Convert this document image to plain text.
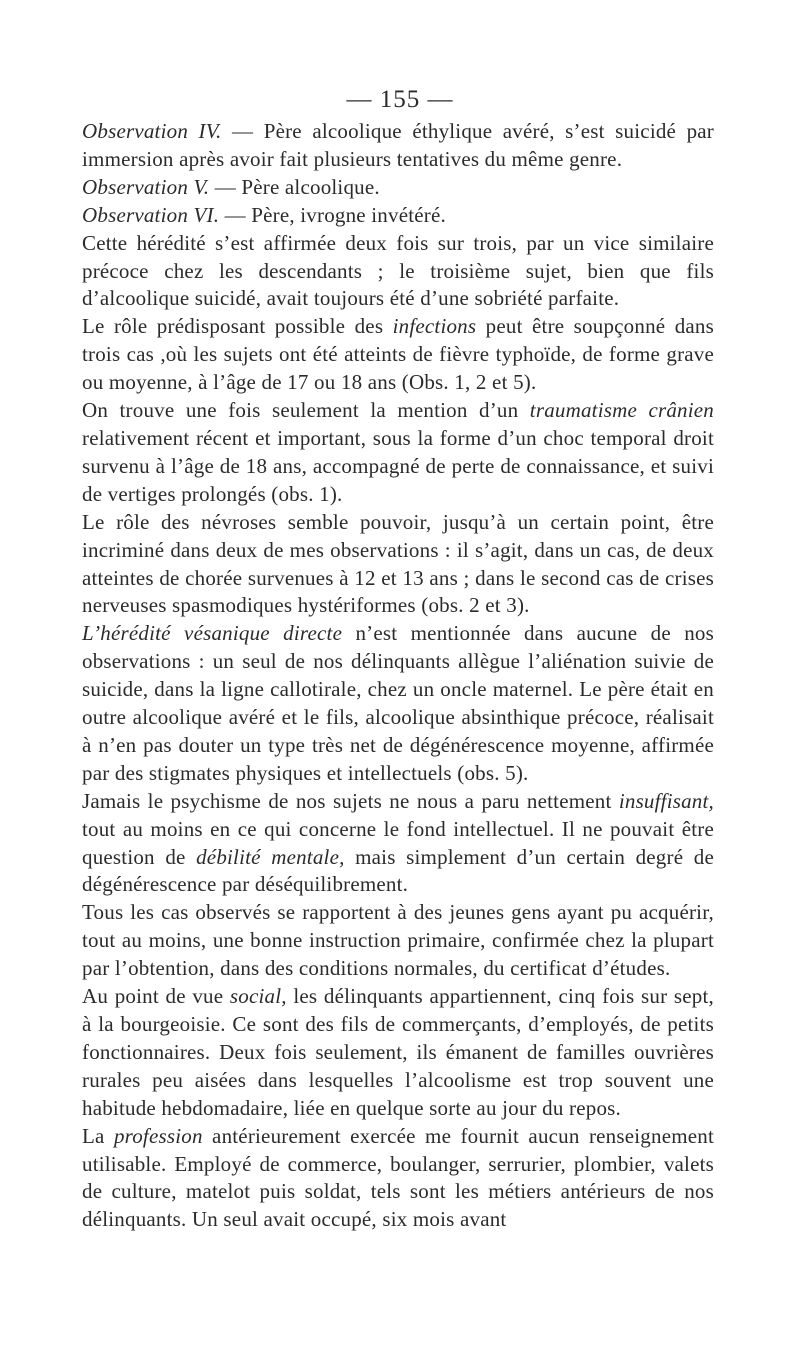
— 155 —

Observation IV. — Père alcoolique éthylique avéré, s’est suicidé par immersion après avoir fait plusieurs tentatives du même genre.

Observation V. — Père alcoolique.

Observation VI. — Père, ivrogne invétéré.

Cette hérédité s’est affirmée deux fois sur trois, par un vice similaire précoce chez les descendants ; le troisième sujet, bien que fils d’alcoolique suicidé, avait toujours été d’une sobriété parfaite.

Le rôle prédisposant possible des infections peut être soupçonné dans trois cas ,où les sujets ont été atteints de fièvre typhoïde, de forme grave ou moyenne, à l’âge de 17 ou 18 ans (Obs. 1, 2 et 5).

On trouve une fois seulement la mention d’un traumatisme crânien relativement récent et important, sous la forme d’un choc temporal droit survenu à l’âge de 18 ans, accompagné de perte de connaissance, et suivi de vertiges prolongés (obs. 1).

Le rôle des névroses semble pouvoir, jusqu’à un certain point, être incriminé dans deux de mes observations : il s’agit, dans un cas, de deux atteintes de chorée survenues à 12 et 13 ans ; dans le second cas de crises nerveuses spasmodiques hystériformes (obs. 2 et 3).

L’hérédité vésanique directe n’est mentionnée dans aucune de nos observations : un seul de nos délinquants allègue l’aliénation suivie de suicide, dans la ligne callotirale, chez un oncle maternel. Le père était en outre alcoolique avéré et le fils, alcoolique absinthique précoce, réalisait à n’en pas douter un type très net de dégénérescence moyenne, affirmée par des stigmates physiques et intellectuels (obs. 5).

Jamais le psychisme de nos sujets ne nous a paru nettement insuffisant, tout au moins en ce qui concerne le fond intellectuel. Il ne pouvait être question de débilité mentale, mais simplement d’un certain degré de dégénérescence par déséquilibrement.

Tous les cas observés se rapportent à des jeunes gens ayant pu acquérir, tout au moins, une bonne instruction primaire, confirmée chez la plupart par l’obtention, dans des conditions normales, du certificat d’études.

Au point de vue social, les délinquants appartiennent, cinq fois sur sept, à la bourgeoisie. Ce sont des fils de commerçants, d’employés, de petits fonctionnaires. Deux fois seulement, ils émanent de familles ouvrières rurales peu aisées dans lesquelles l’alcoolisme est trop souvent une habitude hebdomadaire, liée en quelque sorte au jour du repos.

La profession antérieurement exercée me fournit aucun renseignement utilisable. Employé de commerce, boulanger, serrurier, plombier, valets de culture, matelot puis soldat, tels sont les métiers antérieurs de nos délinquants. Un seul avait occupé, six mois avant
